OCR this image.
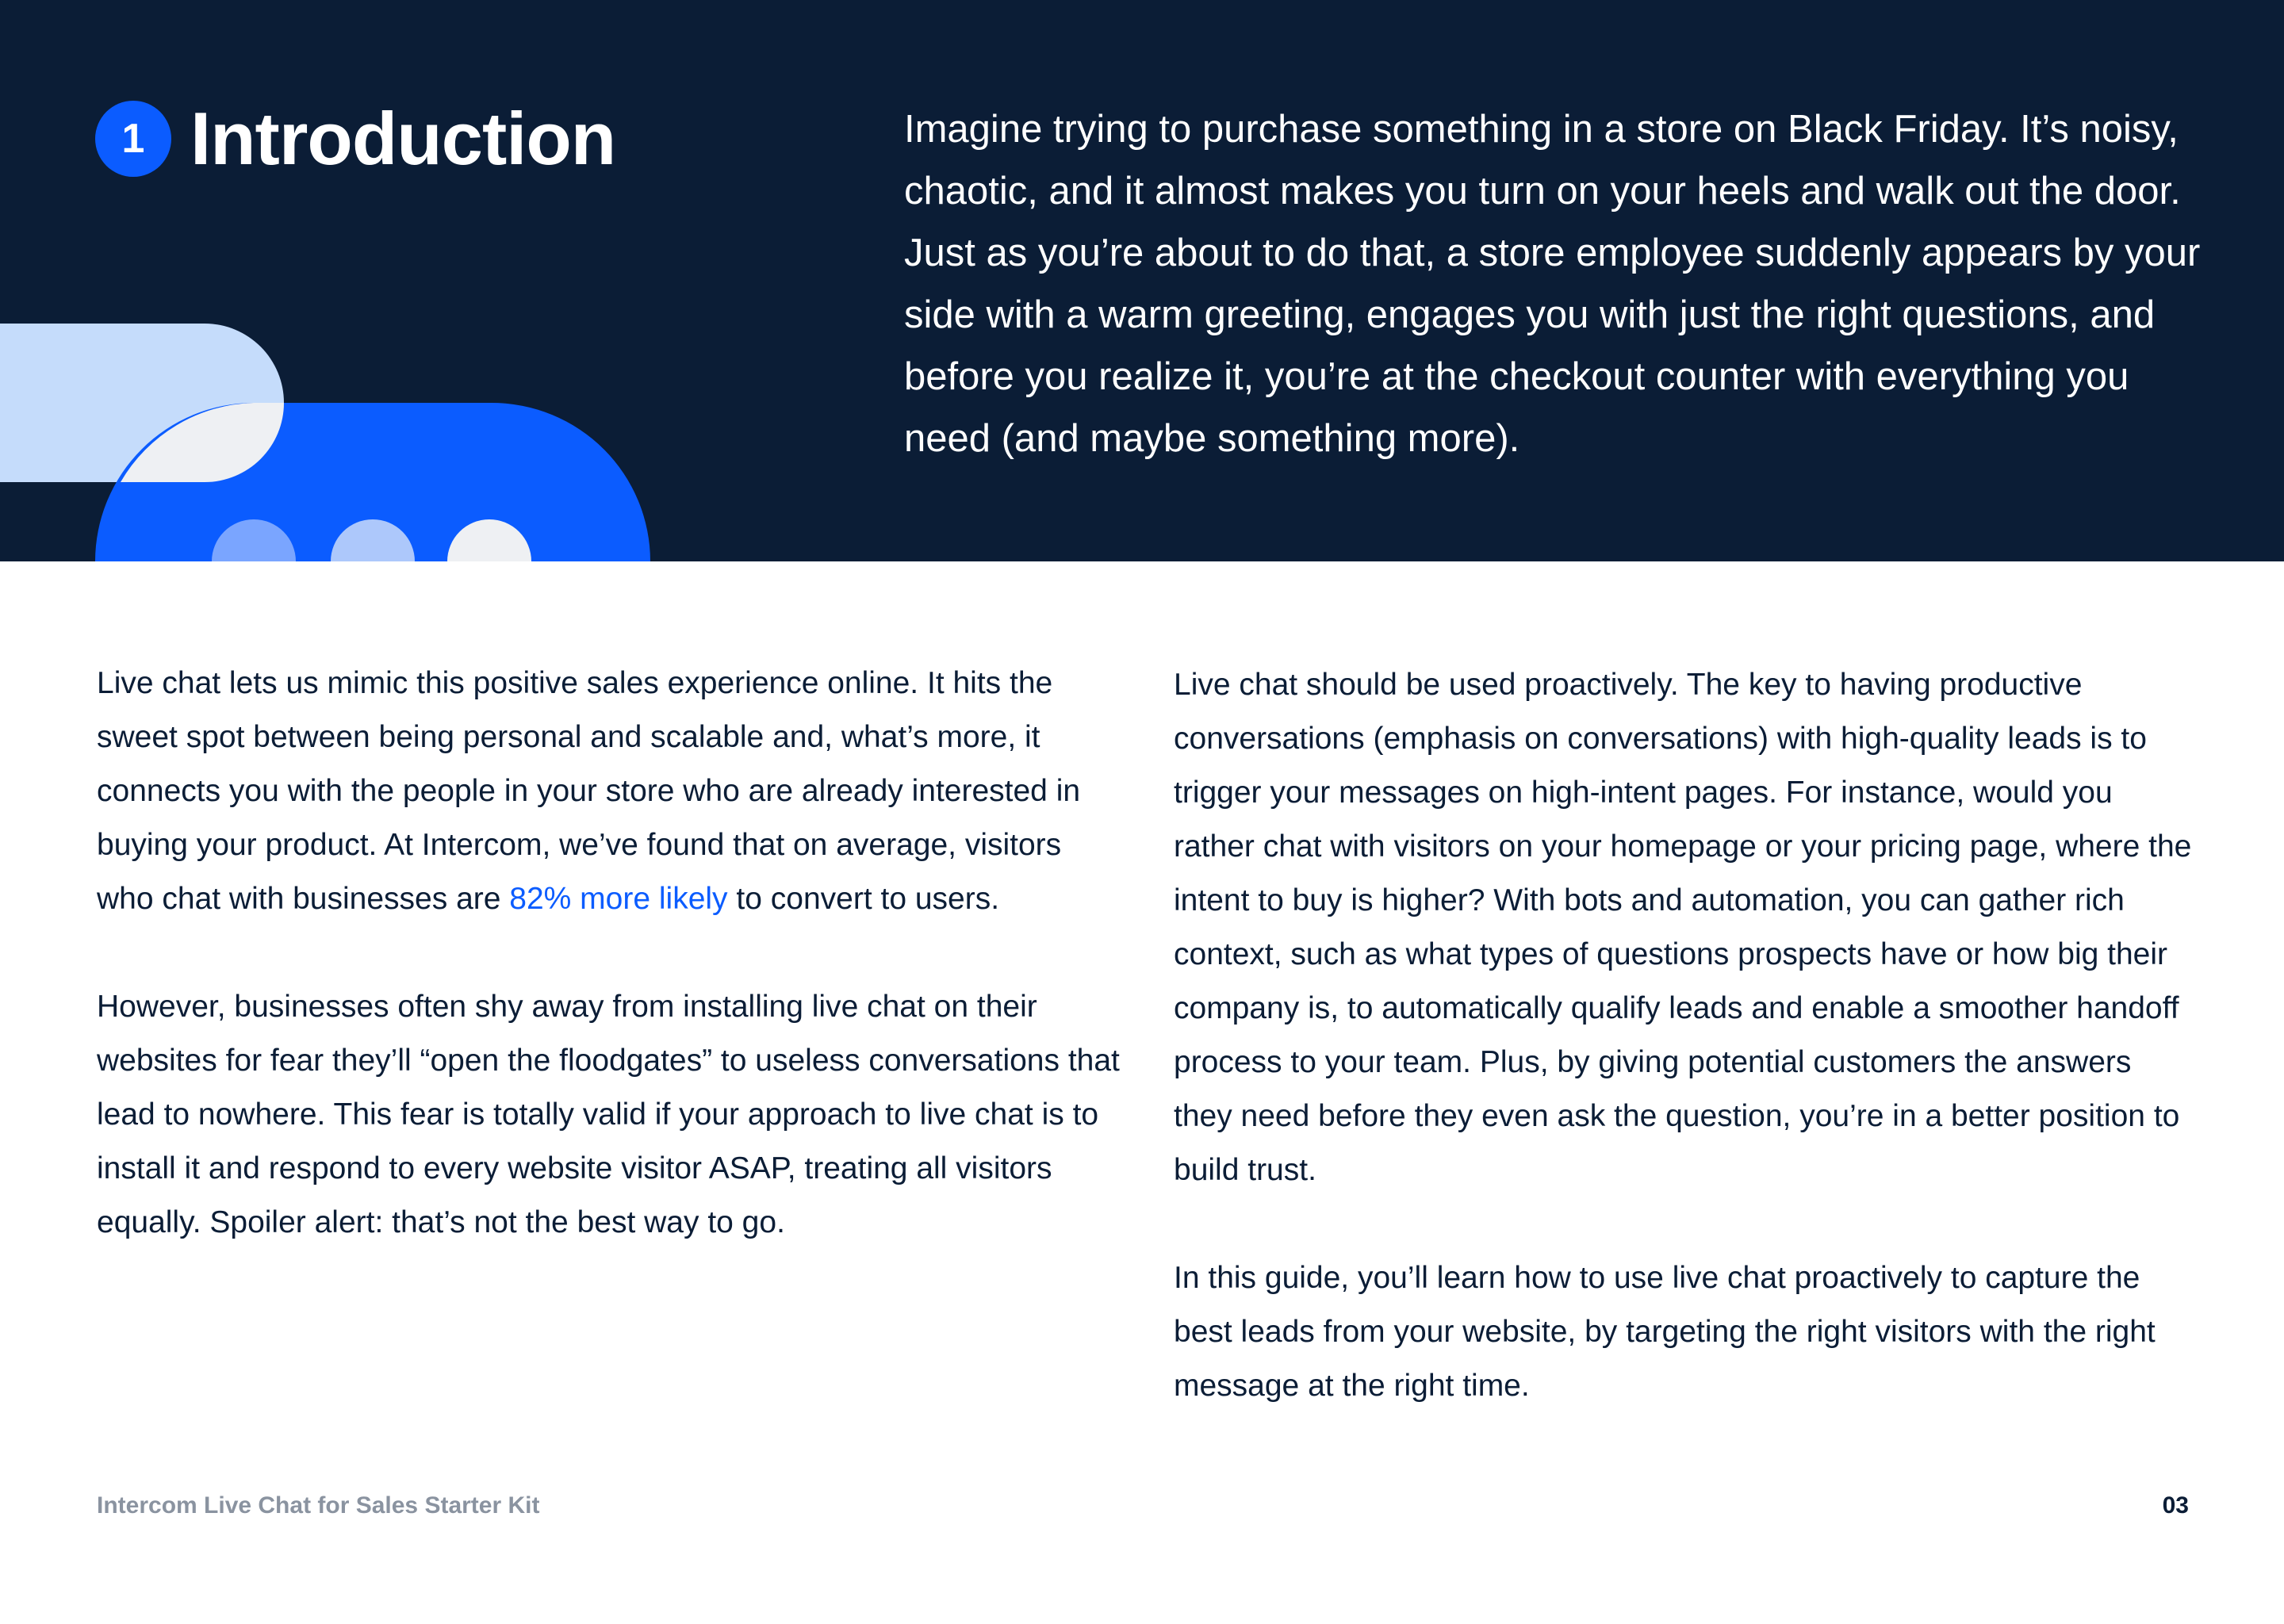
1 Introduction	Imagine trying to purchase something in a store on Black Friday. It’s noisy, chaotic, and it almost makes you turn on your heels and walk out the door. Just as you’re about to do that, a store employee suddenly appears by your side with a warm greeting, engages you with just the right questions, and before you realize it, you’re at the checkout counter with everything you need (and maybe something more).

Live chat lets us mimic this positive sales experience online. It hits the sweet spot between being personal and scalable and, what’s more, it connects you with the people in your store who are already interested in buying your product. At Intercom, we’ve found that on average, visitors who chat with businesses are 82% more likely to convert to users.

However, businesses often shy away from installing live chat on their websites for fear they’ll “open the floodgates” to useless conversations that lead to nowhere. This fear is totally valid if your approach to live chat is to install it and respond to every website visitor ASAP, treating all visitors equally. Spoiler alert: that’s not the best way to go.

Live chat should be used proactively. The key to having productive conversations (emphasis on conversations) with high-quality leads is to trigger your messages on high-intent pages. For instance, would you rather chat with visitors on your homepage or your pricing page, where the intent to buy is higher? With bots and automation, you can gather rich context, such as what types of questions prospects have or how big their company is, to automatically qualify leads and enable a smoother handoff process to your team. Plus, by giving potential customers the answers they need before they even ask the question, you’re in a better position to build trust.

In this guide, you’ll learn how to use live chat proactively to capture the best leads from your website, by targeting the right visitors with the right message at the right time.

Intercom Live Chat for Sales Starter Kit	03
